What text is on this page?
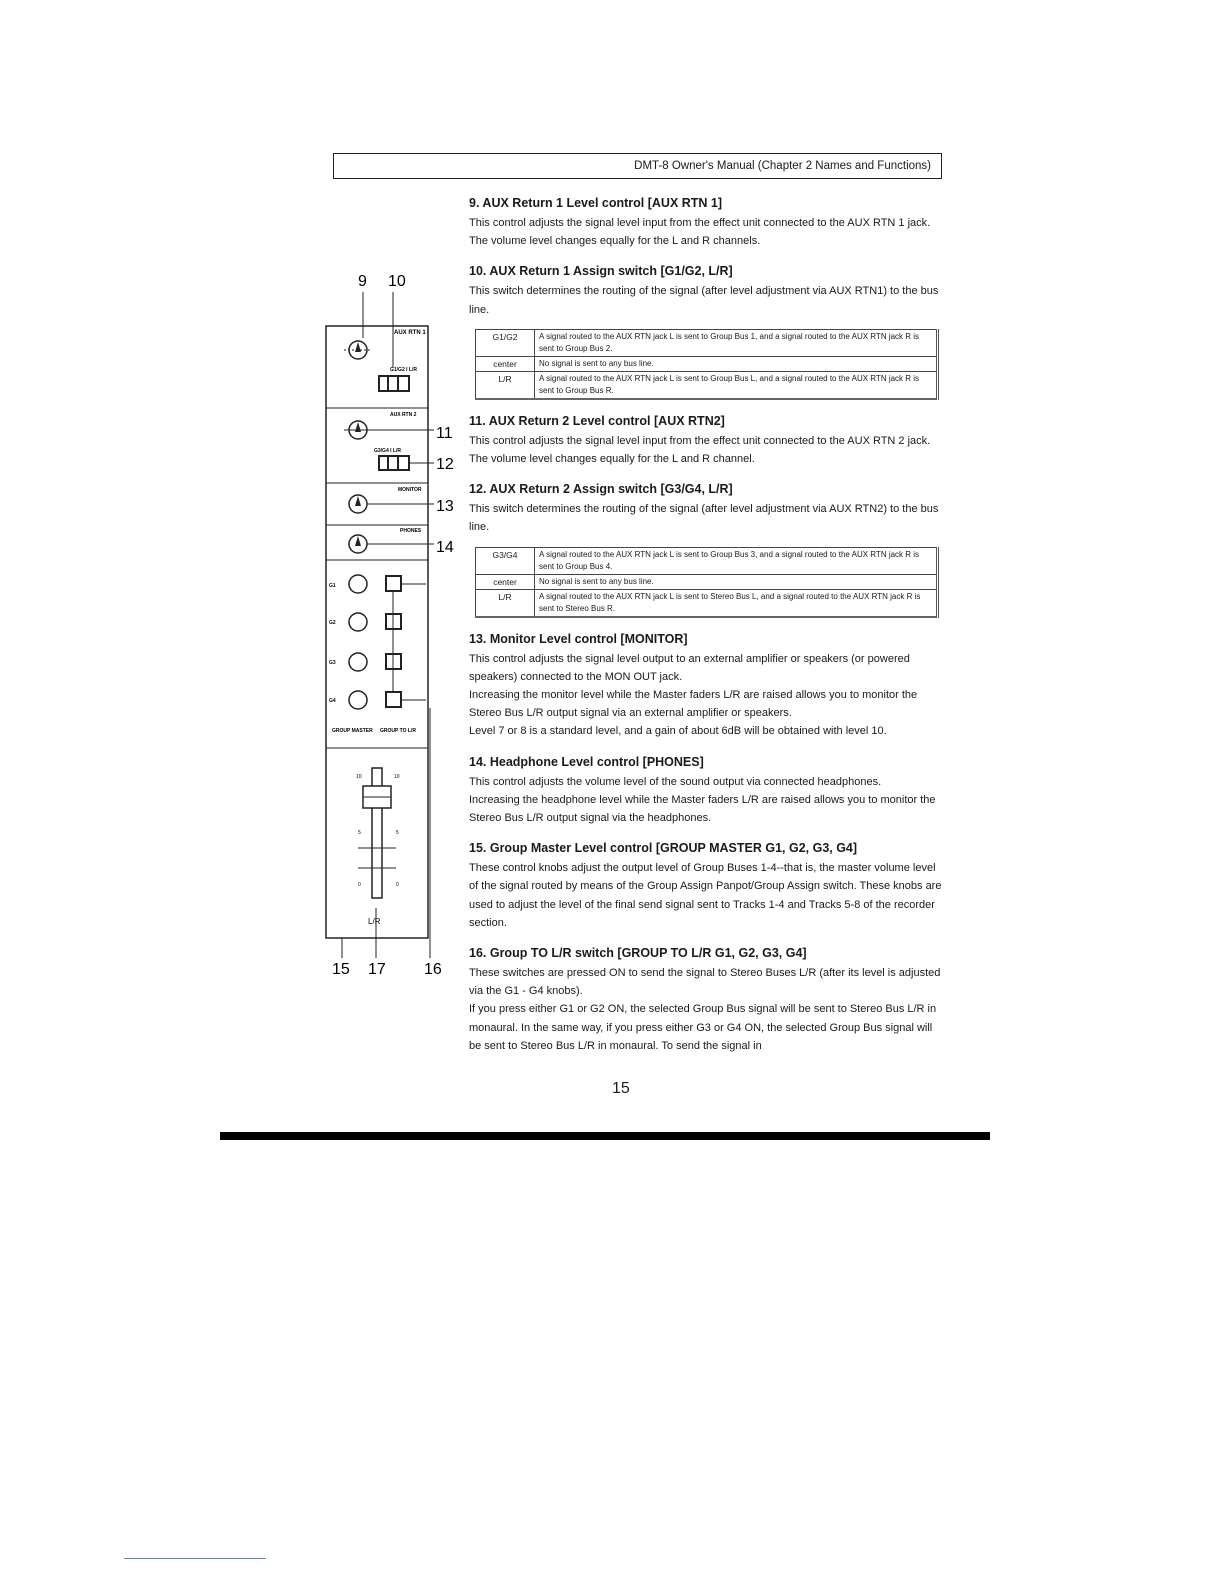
DMT-8 Owner's Manual (Chapter 2 Names and Functions)
9 10
11
12
13
14
15 17 16
AUX RTN 1
G1/G2 I L/R
AUX RTN 2
G3/G4 I L/R
MONITOR
PHONES
G1
G2
G3
G4
GROUP MASTER GROUP TO L/R
10	10
5	5
0	0
L/R
9. AUX Return 1 Level control [AUX RTN 1]

This control adjusts the signal level input from the effect unit connected to the AUX RTN 1 jack. The volume level changes equally for the L and R channels.

10. AUX Return 1 Assign switch [G1/G2, L/R]

This switch determines the routing of the signal (after level adjustment via AUX RTN1) to the bus line.

G1/G2	A signal routed to the AUX RTN jack L is sent to Group Bus 1, and a signal routed to the AUX RTN jack R is sent to Group Bus 2.
center	No signal is sent to any bus line.
L/R	A signal routed to the AUX RTN jack L is sent to Group Bus L, and a signal routed to the AUX RTN jack R is sent to Group Bus R.
11. AUX Return 2 Level control [AUX RTN2]

This control adjusts the signal level input from the effect unit connected to the AUX RTN 2 jack. The volume level changes equally for the L and R channel.

12. AUX Return 2 Assign switch [G3/G4, L/R]

This switch determines the routing of the signal (after level adjustment via AUX RTN2) to the bus line.

G3/G4	A signal routed to the AUX RTN jack L is sent to Group Bus 3, and a signal routed to the AUX RTN jack R is sent to Group Bus 4.
center	No signal is sent to any bus line.
L/R	A signal routed to the AUX RTN jack L is sent to Stereo Bus L, and a signal routed to the AUX RTN jack R is sent to Stereo Bus R.
13. Monitor Level control [MONITOR]

This control adjusts the signal level output to an external amplifier or speakers (or powered speakers) connected to the MON OUT jack.
Increasing the monitor level while the Master faders L/R are raised allows you to monitor the Stereo Bus L/R output signal via an external amplifier or speakers.
Level 7 or 8 is a standard level, and a gain of about 6dB will be obtained with level 10.

14. Headphone Level control [PHONES]

This control adjusts the volume level of the sound output via connected headphones.
Increasing the headphone level while the Master faders L/R are raised allows you to monitor the Stereo Bus L/R output signal via the headphones.

15. Group Master Level control [GROUP MASTER G1, G2, G3, G4]

These control knobs adjust the output level of Group Buses 1-4--that is, the master volume level of the signal routed by means of the Group Assign Panpot/Group Assign switch. These knobs are used to adjust the level of the final send signal sent to Tracks 1-4 and Tracks 5-8 of the recorder section.

16. Group TO L/R switch [GROUP TO L/R G1, G2, G3, G4]

These switches are pressed ON to send the signal to Stereo Buses L/R (after its level is adjusted via the G1 - G4 knobs).
If you press either G1 or G2 ON, the selected Group Bus signal will be sent to Stereo Bus L/R in monaural. In the same way, if you press either G3 or G4 ON, the selected Group Bus signal will be sent to Stereo Bus L/R in monaural. To send the signal in

15
